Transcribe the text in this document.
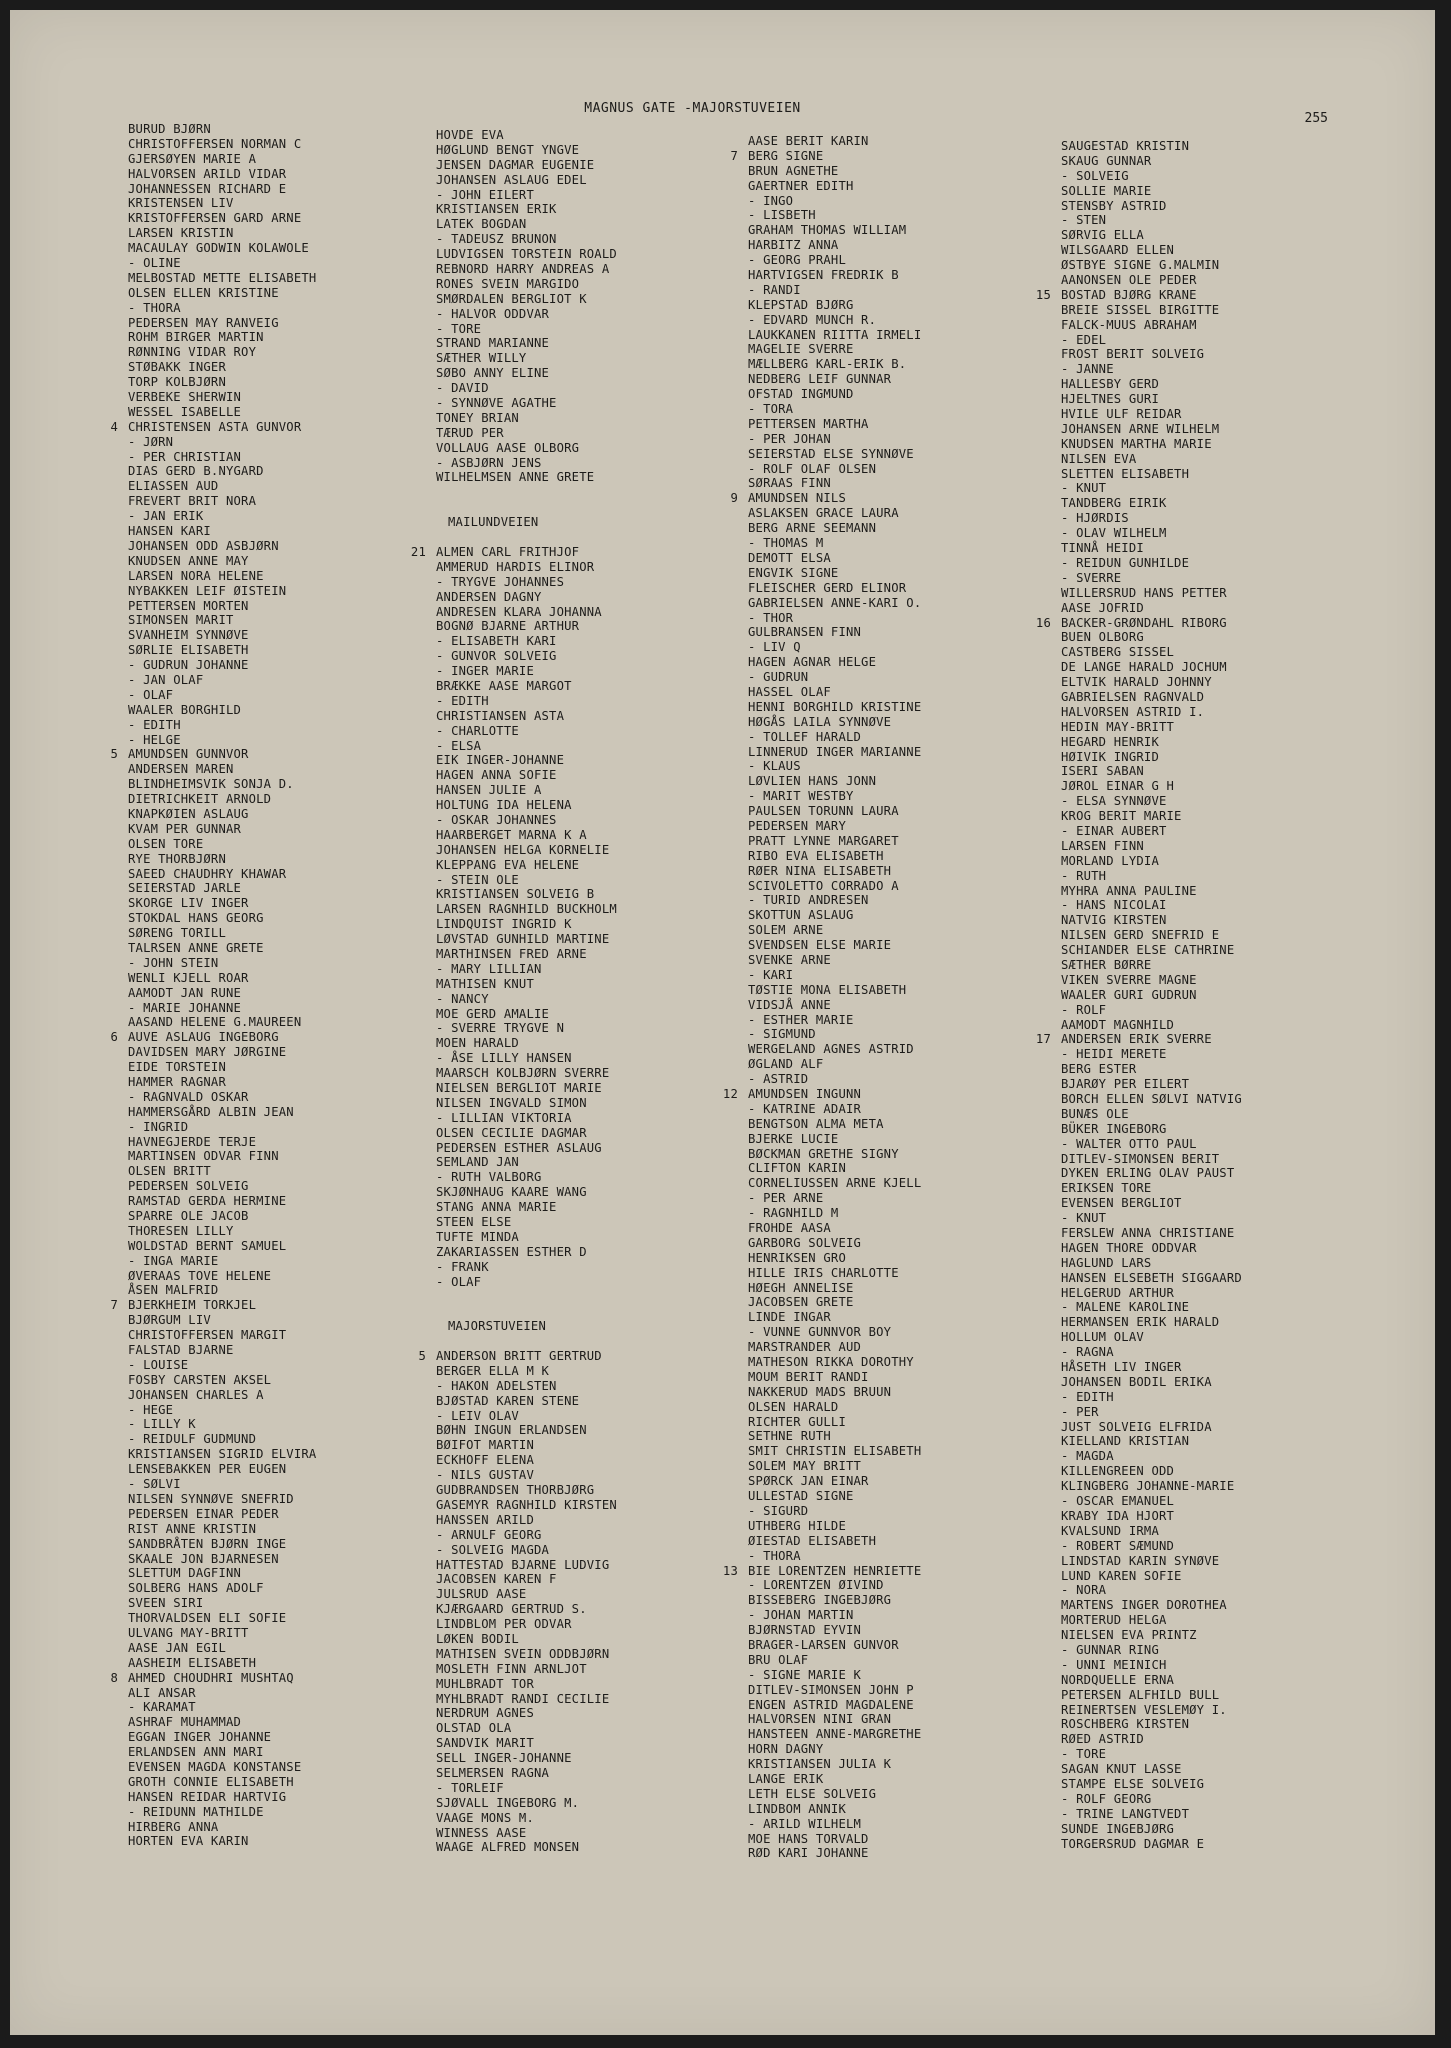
MAGNUS GATE -MAJORSTUVEIEN
255
BURUD BJØRN
CHRISTOFFERSEN NORMAN C
GJERSØYEN MARIE A
HALVORSEN ARILD VIDAR
JOHANNESSEN RICHARD E
KRISTENSEN LIV
KRISTOFFERSEN GARD ARNE
LARSEN KRISTIN
MACAULAY GODWIN KOLAWOLE
- OLINE
MELBOSTAD METTE ELISABETH
OLSEN ELLEN KRISTINE
- THORA
PEDERSEN MAY RANVEIG
ROHM BIRGER MARTIN
RØNNING VIDAR ROY
STØBAKK INGER
TORP KOLBJØRN
VERBEKE SHERWIN
WESSEL ISABELLE
4 CHRISTENSEN ASTA GUNVOR
- JØRN
- PER CHRISTIAN
DIAS GERD B.NYGARD
ELIASSEN AUD
FREVERT BRIT NORA
- JAN ERIK
HANSEN KARI
JOHANSEN ODD ASBJØRN
KNUDSEN ANNE MAY
LARSEN NORA HELENE
NYBAKKEN LEIF ØISTEIN
PETTERSEN MORTEN
SIMONSEN MARIT
SVANHEIM SYNNØVE
SØRLIE ELISABETH
- GUDRUN JOHANNE
- JAN OLAF
- OLAF
WAALER BORGHILD
- EDITH
- HELGE
5 AMUNDSEN GUNNVOR
ANDERSEN MAREN
BLINDHEIMSVIK SONJA D.
DIETRICHKEIT ARNOLD
KNAPKØIEN ASLAUG
KVAM PER GUNNAR
OLSEN TORE
RYE THORBJØRN
SAEED CHAUDHRY KHAWAR
SEIERSTAD JARLE
SKORGE LIV INGER
STOKDAL HANS GEORG
SØRENG TORILL
TALRSEN ANNE GRETE
- JOHN STEIN
WENLI KJELL ROAR
AAMODT JAN RUNE
- MARIE JOHANNE
AASAND HELENE G.MAUREEN
6 AUVE ASLAUG INGEBORG
DAVIDSEN MARY JØRGINE
EIDE TORSTEIN
HAMMER RAGNAR
- RAGNVALD OSKAR
HAMMERSGÅRD ALBIN JEAN
- INGRID
HAVNEGJERDE TERJE
MARTINSEN ODVAR FINN
OLSEN BRITT
PEDERSEN SOLVEIG
RAMSTAD GERDA HERMINE
SPARRE OLE JACOB
THORESEN LILLY
WOLDSTAD BERNT SAMUEL
- INGA MARIE
ØVERAAS TOVE HELENE
ÅSEN MALFRID
7 BJERKHEIM TORKJEL
BJØRGUM LIV
CHRISTOFFERSEN MARGIT
FALSTAD BJARNE
- LOUISE
FOSBY CARSTEN AKSEL
JOHANSEN CHARLES A
- HEGE
- LILLY K
- REIDULF GUDMUND
KRISTIANSEN SIGRID ELVIRA
LENSEBAKKEN PER EUGEN
- SØLVI
NILSEN SYNNØVE SNEFRID
PEDERSEN EINAR PEDER
RIST ANNE KRISTIN
SANDBRÅTEN BJØRN INGE
SKAALE JON BJARNESEN
SLETTUM DAGFINN
SOLBERG HANS ADOLF
SVEEN SIRI
THORVALDSEN ELI SOFIE
ULVANG MAY-BRITT
AASE JAN EGIL
AASHEIM ELISABETH
8 AHMED CHOUDHRI MUSHTAQ
ALI ANSAR
- KARAMAT
ASHRAF MUHAMMAD
EGGAN INGER JOHANNE
ERLANDSEN ANN MARI
EVENSEN MAGDA KONSTANSE
GROTH CONNIE ELISABETH
HANSEN REIDAR HARTVIG
- REIDUNN MATHILDE
HIRBERG ANNA
HORTEN EVA KARIN
HOVDE EVA
HØGLUND BENGT YNGVE
JENSEN DAGMAR EUGENIE
JOHANSEN ASLAUG EDEL
- JOHN EILERT
KRISTIANSEN ERIK
LATEK BOGDAN
- TADEUSZ BRUNON
LUDVIGSEN TORSTEIN ROALD
REBNORD HARRY ANDREAS A
RONES SVEIN MARGIDO
SMØRDALEN BERGLIOT K
- HALVOR ODDVAR
- TORE
STRAND MARIANNE
SÆTHER WILLY
SØBO ANNY ELINE
- DAVID
- SYNNØVE AGATHE
TONEY BRIAN
TÆRUD PER
VOLLAUG AASE OLBORG
- ASBJØRN JENS
WILHELMSEN ANNE GRETE
MAILUNDVEIEN
21 ALMEN CARL FRITHJOF
AMMERUD HARDIS ELINOR
- TRYGVE JOHANNES
ANDERSEN DAGNY
ANDRESEN KLARA JOHANNA
BOGNØ BJARNE ARTHUR
- ELISABETH KARI
- GUNVOR SOLVEIG
- INGER MARIE
BRÆKKE AASE MARGOT
- EDITH
CHRISTIANSEN ASTA
- CHARLOTTE
- ELSA
EIK INGER-JOHANNE
HAGEN ANNA SOFIE
HANSEN JULIE A
HOLTUNG IDA HELENA
- OSKAR JOHANNES
HAARBERGET MARNA K A
JOHANSEN HELGA KORNELIE
KLEPPANG EVA HELENE
- STEIN OLE
KRISTIANSEN SOLVEIG B
LARSEN RAGNHILD BUCKHOLM
LINDQUIST INGRID K
LØVSTAD GUNHILD MARTINE
MARTHINSEN FRED ARNE
- MARY LILLIAN
MATHISEN KNUT
- NANCY
MOE GERD AMALIE
- SVERRE TRYGVE N
MOEN HARALD
- ÅSE LILLY HANSEN
MAARSCH KOLBJØRN SVERRE
NIELSEN BERGLIOT MARIE
NILSEN INGVALD SIMON
- LILLIAN VIKTORIA
OLSEN CECILIE DAGMAR
PEDERSEN ESTHER ASLAUG
SEMLAND JAN
- RUTH VALBORG
SKJØNHAUG KAARE WANG
STANG ANNA MARIE
STEEN ELSE
TUFTE MINDA
ZAKARIASSEN ESTHER D
- FRANK
- OLAF
MAJORSTUVEIEN
5 ANDERSON BRITT GERTRUD
BERGER ELLA M K
- HAKON ADELSTEN
BJØSTAD KAREN STENE
- LEIV OLAV
BØHN INGUN ERLANDSEN
BØIFOT MARTIN
ECKHOFF ELENA
- NILS GUSTAV
GUDBRANDSEN THORBJØRG
GASEMYR RAGNHILD KIRSTEN
HANSSEN ARILD
- ARNULF GEORG
- SOLVEIG MAGDA
HATTESTAD BJARNE LUDVIG
JACOBSEN KAREN F
JULSRUD AASE
KJÆRGAARD GERTRUD S.
LINDBLOM PER ODVAR
LØKEN BODIL
MATHISEN SVEIN ODDBJØRN
MOSLETH FINN ARNLJOT
MUHLBRADT TOR
MYHLBRADT RANDI CECILIE
NERDRUM AGNES
OLSTAD OLA
SANDVIK MARIT
SELL INGER-JOHANNE
SELMERSEN RAGNA
- TORLEIF
SJØVALL INGEBORG M.
VAAGE MONS M.
WINNESS AASE
WAAGE ALFRED MONSEN
AASE BERIT KARIN
7 BERG SIGNE
BRUN AGNETHE
GAERTNER EDITH
- INGO
- LISBETH
GRAHAM THOMAS WILLIAM
HARBITZ ANNA
- GEORG PRAHL
HARTVIGSEN FREDRIK B
- RANDI
KLEPSTAD BJØRG
- EDVARD MUNCH R.
LAUKKANEN RIITTA IRMELI
MAGELIE SVERRE
MÆLLBERG KARL-ERIK B.
NEDBERG LEIF GUNNAR
OFSTAD INGMUND
- TORA
PETTERSEN MARTHA
- PER JOHAN
SEIERSTAD ELSE SYNNØVE
- ROLF OLAF OLSEN
SØRAAS FINN
9 AMUNDSEN NILS
ASLAKSEN GRACE LAURA
BERG ARNE SEEMANN
- THOMAS M
DEMOTT ELSA
ENGVIK SIGNE
FLEISCHER GERD ELINOR
GABRIELSEN ANNE-KARI O.
- THOR
GULBRANSEN FINN
- LIV Q
HAGEN AGNAR HELGE
- GUDRUN
HASSEL OLAF
HENNI BORGHILD KRISTINE
HØGÅS LAILA SYNNØVE
- TOLLEF HARALD
LINNERUD INGER MARIANNE
- KLAUS
LØVLIEN HANS JONN
- MARIT WESTBY
PAULSEN TORUNN LAURA
PEDERSEN MARY
PRATT LYNNE MARGARET
RIBO EVA ELISABETH
RØER NINA ELISABETH
SCIVOLETTO CORRADO A
- TURID ANDRESEN
SKOTTUN ASLAUG
SOLEM ARNE
SVENDSEN ELSE MARIE
SVENKE ARNE
- KARI
TØSTIE MONA ELISABETH
VIDSJÅ ANNE
- ESTHER MARIE
- SIGMUND
WERGELAND AGNES ASTRID
ØGLAND ALF
- ASTRID
12 AMUNDSEN INGUNN
- KATRINE ADAIR
BENGTSON ALMA META
BJERKE LUCIE
BØCKMAN GRETHE SIGNY
CLIFTON KARIN
CORNELIUSSEN ARNE KJELL
- PER ARNE
- RAGNHILD M
FROHDE AASA
GARBORG SOLVEIG
HENRIKSEN GRO
HILLE IRIS CHARLOTTE
HØEGH ANNELISE
JACOBSEN GRETE
LINDE INGAR
- VUNNE GUNNVOR BOY
MARSTRANDER AUD
MATHESON RIKKA DOROTHY
MOUM BERIT RANDI
NAKKERUD MADS BRUUN
OLSEN HARALD
RICHTER GULLI
SETHNE RUTH
SMIT CHRISTIN ELISABETH
SOLEM MAY BRITT
SPØRCK JAN EINAR
ULLESTAD SIGNE
- SIGURD
UTHBERG HILDE
ØIESTAD ELISABETH
- THORA
13 BIE LORENTZEN HENRIETTE
- LORENTZEN ØIVIND
BISSEBERG INGEBJØRG
- JOHAN MARTIN
BJØRNSTAD EYVIN
BRAGER-LARSEN GUNVOR
BRU OLAF
- SIGNE MARIE K
DITLEV-SIMONSEN JOHN P
ENGEN ASTRID MAGDALENE
HALVORSEN NINI GRAN
HANSTEEN ANNE-MARGRETHE
HORN DAGNY
KRISTIANSEN JULIA K
LANGE ERIK
LETH ELSE SOLVEIG
LINDBOM ANNIK
- ARILD WILHELM
MOE HANS TORVALD
RØD KARI JOHANNE
SAUGESTAD KRISTIN
SKAUG GUNNAR
- SOLVEIG
SOLLIE MARIE
STENSBY ASTRID
- STEN
SØRVIG ELLA
WILSGAARD ELLEN
ØSTBYE SIGNE G.MALMIN
AANONSEN OLE PEDER
15 BOSTAD BJØRG KRANE
BREIE SISSEL BIRGITTE
FALCK-MUUS ABRAHAM
- EDEL
FROST BERIT SOLVEIG
- JANNE
HALLESBY GERD
HJELTNES GURI
HVILE ULF REIDAR
JOHANSEN ARNE WILHELM
KNUDSEN MARTHA MARIE
NILSEN EVA
SLETTEN ELISABETH
- KNUT
TANDBERG EIRIK
- HJØRDIS
- OLAV WILHELM
TINNÅ HEIDI
- REIDUN GUNHILDE
- SVERRE
WILLERSRUD HANS PETTER
AASE JOFRID
16 BACKER-GRØNDAHL RIBORG
BUEN OLBORG
CASTBERG SISSEL
DE LANGE HARALD JOCHUM
ELTVIK HARALD JOHNNY
GABRIELSEN RAGNVALD
HALVORSEN ASTRID I.
HEDIN MAY-BRITT
HEGARD HENRIK
HØIVIK INGRID
ISERI SABAN
JØROL EINAR G H
- ELSA SYNNØVE
KROG BERIT MARIE
- EINAR AUBERT
LARSEN FINN
MORLAND LYDIA
- RUTH
MYHRA ANNA PAULINE
- HANS NICOLAI
NATVIG KIRSTEN
NILSEN GERD SNEFRID E
SCHIANDER ELSE CATHRINE
SÆTHER BØRRE
VIKEN SVERRE MAGNE
WAALER GURI GUDRUN
- ROLF
AAMODT MAGNHILD
17 ANDERSEN ERIK SVERRE
- HEIDI MERETE
BERG ESTER
BJARØY PER EILERT
BORCH ELLEN SØLVI NATVIG
BUNÆS OLE
BÜKER INGEBORG
- WALTER OTTO PAUL
DITLEV-SIMONSEN BERIT
DYKEN ERLING OLAV PAUST
ERIKSEN TORE
EVENSEN BERGLIOT
- KNUT
FERSLEW ANNA CHRISTIANE
HAGEN THORE ODDVAR
HAGLUND LARS
HANSEN ELSEBETH SIGGAARD
HELGERUD ARTHUR
- MALENE KAROLINE
HERMANSEN ERIK HARALD
HOLLUM OLAV
- RAGNA
HÅSETH LIV INGER
JOHANSEN BODIL ERIKA
- EDITH
- PER
JUST SOLVEIG ELFRIDA
KIELLAND KRISTIAN
- MAGDA
KILLENGREEN ODD
KLINGBERG JOHANNE-MARIE
- OSCAR EMANUEL
KRABY IDA HJORT
KVALSUND IRMA
- ROBERT SÆMUND
LINDSTAD KARIN SYNØVE
LUND KAREN SOFIE
- NORA
MARTENS INGER DOROTHEA
MORTERUD HELGA
NIELSEN EVA PRINTZ
- GUNNAR RING
- UNNI MEINICH
NORDQUELLE ERNA
PETERSEN ALFHILD BULL
REINERTSEN VESLEMØY I.
ROSCHBERG KIRSTEN
RØED ASTRID
- TORE
SAGAN KNUT LASSE
STAMPE ELSE SOLVEIG
- ROLF GEORG
- TRINE LANGTVEDT
SUNDE INGEBJØRG
TORGERSRUD DAGMAR E
